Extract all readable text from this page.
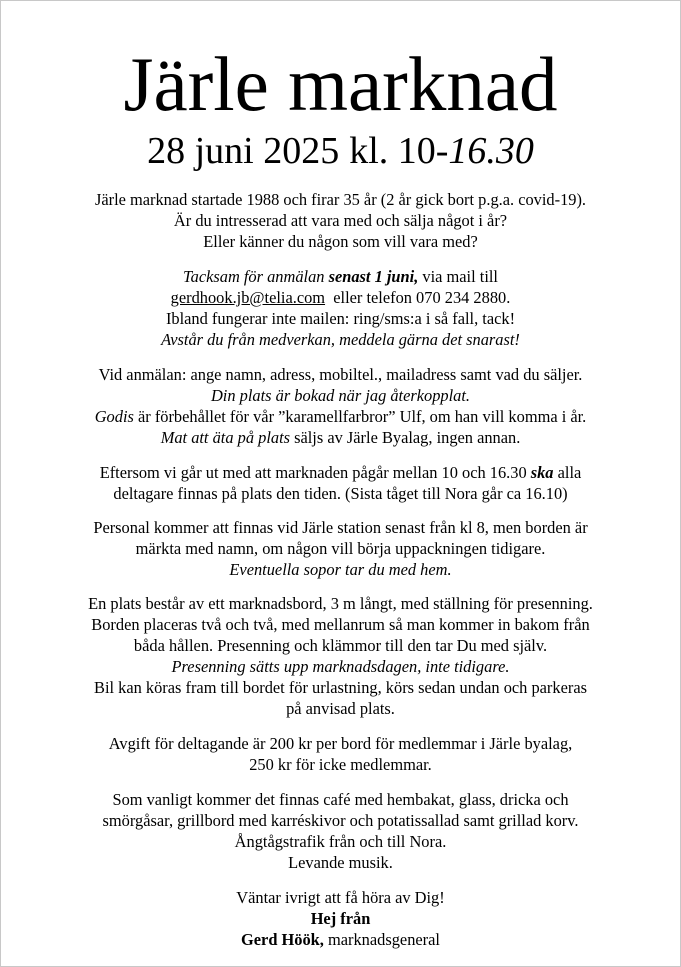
Järle marknad
28 juni 2025 kl. 10-16.30
Järle marknad startade 1988 och firar 35 år (2 år gick bort p.g.a. covid-19).
Är du intresserad att vara med och sälja något i år?
Eller känner du någon som vill vara med?
Tacksam för anmälan senast 1 juni, via mail till
gerdhook.jb@telia.com  eller telefon 070 234 2880.
Ibland fungerar inte mailen: ring/sms:a i så fall, tack!
Avstår du från medverkan, meddela gärna det snarast!
Vid anmälan: ange namn, adress, mobiltel., mailadress samt vad du säljer.
Din plats är bokad när jag återkopplat.
Godis är förbehållet för vår ”karamellfarbror” Ulf, om han vill komma i år.
Mat att äta på plats säljs av Järle Byalag, ingen annan.
Eftersom vi går ut med att marknaden pågår mellan 10 och 16.30 ska alla
deltagare finnas på plats den tiden. (Sista tåget till Nora går ca 16.10)
Personal kommer att finnas vid Järle station senast från kl 8, men borden är
märkta med namn, om någon vill börja uppackningen tidigare.
Eventuella sopor tar du med hem.
En plats består av ett marknadsbord, 3 m långt, med ställning för presenning.
Borden placeras två och två, med mellanrum så man kommer in bakom från
båda hållen. Presenning och klämmor till den tar Du med själv.
Presenning sätts upp marknadsdagen, inte tidigare.
Bil kan köras fram till bordet för urlastning, körs sedan undan och parkeras
på anvisad plats.
Avgift för deltagande är 200 kr per bord för medlemmar i Järle byalag,
250 kr för icke medlemmar.
Som vanligt kommer det finnas café med hembakat, glass, dricka och
smörgåsar, grillbord med karréskivor och potatissallad samt grillad korv.
Ångtågstrafik från och till Nora.
Levande musik.
Väntar ivrigt att få höra av Dig!
Hej från
Gerd Höök, marknadsgeneral
